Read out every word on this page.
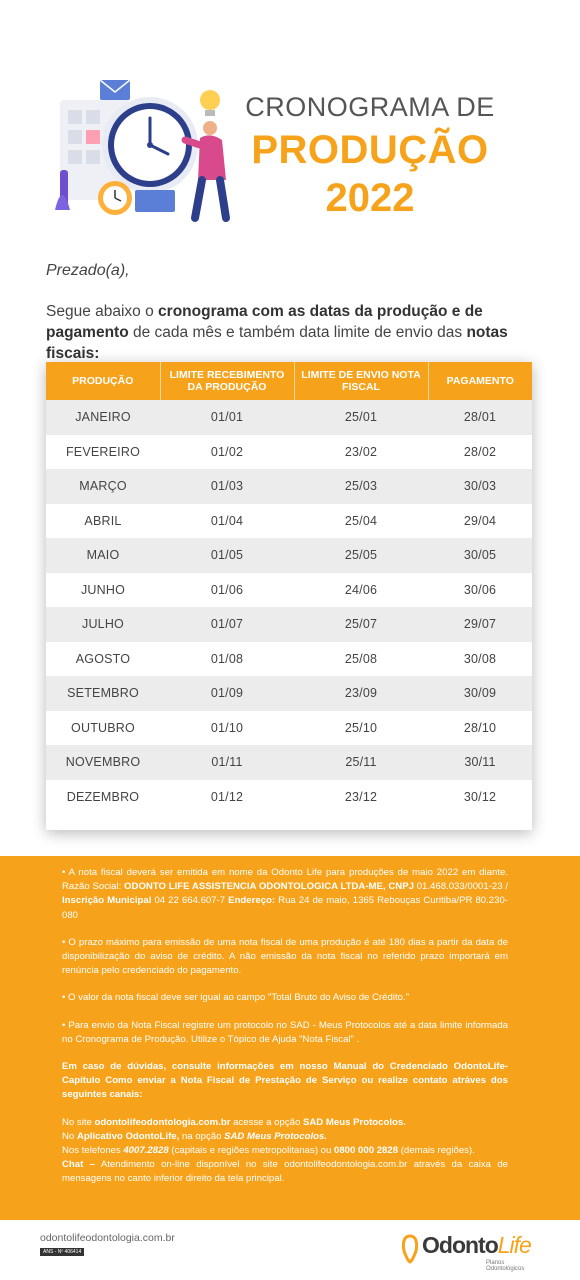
CRONOGRAMA DE
PRODUÇÃO
2022
Prezado(a),
Segue abaixo o cronograma com as datas da produção e de pagamento de cada mês e também data limite de envio das notas fiscais:
PRODUÇÃO	LIMITE RECEBIMENTO DA PRODUÇÃO	LIMITE DE ENVIO NOTA FISCAL	PAGAMENTO
JANEIRO	01/01	25/01	28/01
FEVEREIRO	01/02	23/02	28/02
MARÇO	01/03	25/03	30/03
ABRIL	01/04	25/04	29/04
MAIO	01/05	25/05	30/05
JUNHO	01/06	24/06	30/06
JULHO	01/07	25/07	29/07
AGOSTO	01/08	25/08	30/08
SETEMBRO	01/09	23/09	30/09
OUTUBRO	01/10	25/10	28/10
NOVEMBRO	01/11	25/11	30/11
DEZEMBRO	01/12	23/12	30/12

• A nota fiscal deverá ser emitida em nome da Odonto Life para produções de maio 2022 em diante. Razão Social: ODONTO LIFE ASSISTENCIA ODONTOLOGICA LTDA-ME, CNPJ 01.468.033/0001-23 / Inscrição Municipal 04 22 664.607-7 Endereço: Rua 24 de maio, 1365 Rebouças Curitiba/PR 80.230-080

• O prazo máximo para emissão de uma nota fiscal de uma produção é até 180 dias a partir da data de disponibilização do aviso de crédito. A não emissão da nota fiscal no referido prazo importará em renúncia pelo credenciado do pagamento.

• O valor da nota fiscal deve ser igual ao campo "Total Bruto do Aviso de Crédito."

• Para envio da Nota Fiscal registre um protocolo no SAD - Meus Protocolos até a data limite informada no Cronograma de Produção. Utilize o Tópico de Ajuda "Nota Fiscal" .

Em caso de dúvidas, consulte informações em nosso Manual do Credenciado OdontoLife- Capítulo Como enviar a Nota Fiscal de Prestação de Serviço ou realize contato atráves dos seguintes canais:

No site odontolifeodontologia.com.br acesse a opção SAD Meus Protocolos.

No Aplicativo OdontoLife, na opção SAD Meus Protocolos.

Nos telefones 4007.2828 (capitais e regiões metropolitanas) ou 0800 000 2828 (demais regiões).

Chat – Atendimento on-line disponível no site odontolifeodontologia.com.br através da caixa de mensagens no canto inferior direito da tela principal.

odontolifeodontologia.com.br
ANS - Nº 406414	OdontoLife
Planos Odontológicos
